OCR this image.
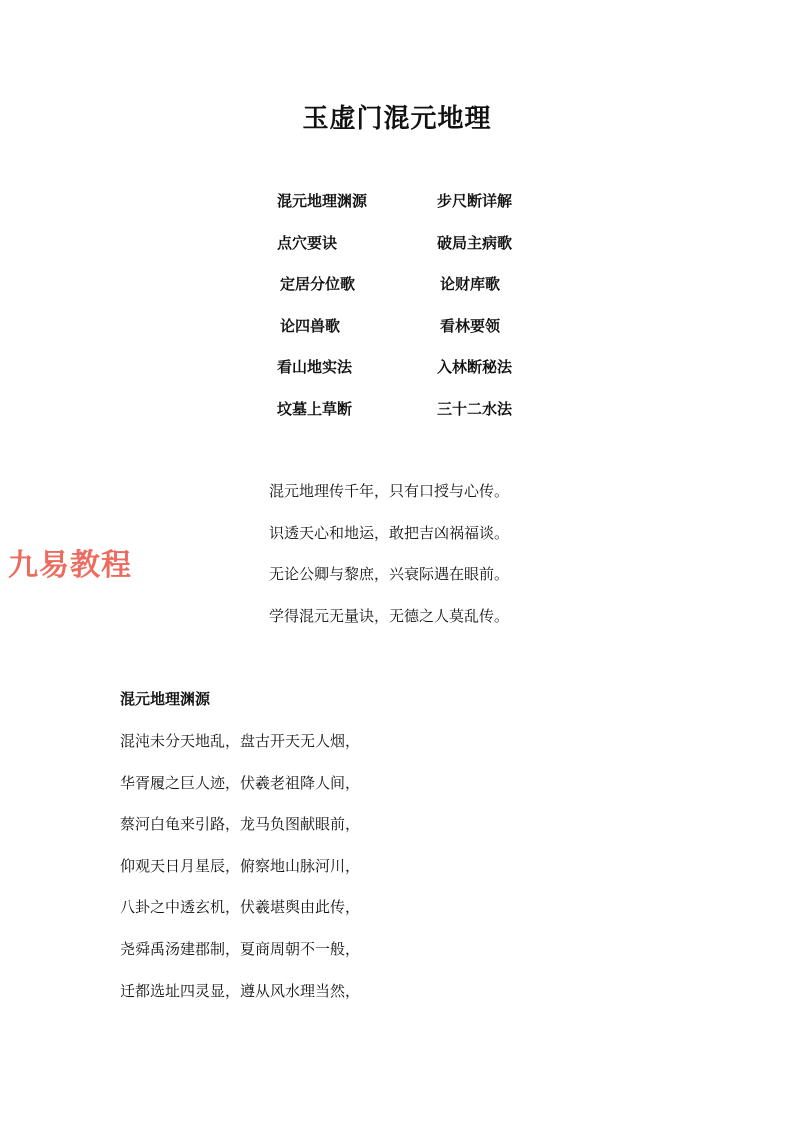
玉虚门混元地理
混元地理渊源	步尺断详解
点穴要诀	破局主病歌
定居分位歌	论财库歌
论四兽歌	看林要领
看山地实法	入林断秘法
坟墓上草断	三十二水法
混元地理传千年，只有口授与心传。
识透天心和地运，敢把吉凶祸福谈。
无论公卿与黎庶，兴衰际遇在眼前。
学得混元无量诀，无德之人莫乱传。
九易教程
混元地理渊源
混沌未分天地乱，盘古开天无人烟，
华胥履之巨人迹，伏羲老祖降人间，
蔡河白龟来引路，龙马负图献眼前，
仰观天日月星辰，俯察地山脉河川，
八卦之中透玄机，伏羲堪舆由此传，
尧舜禹汤建郡制，夏商周朝不一般，
迁都选址四灵显，遵从风水理当然，
